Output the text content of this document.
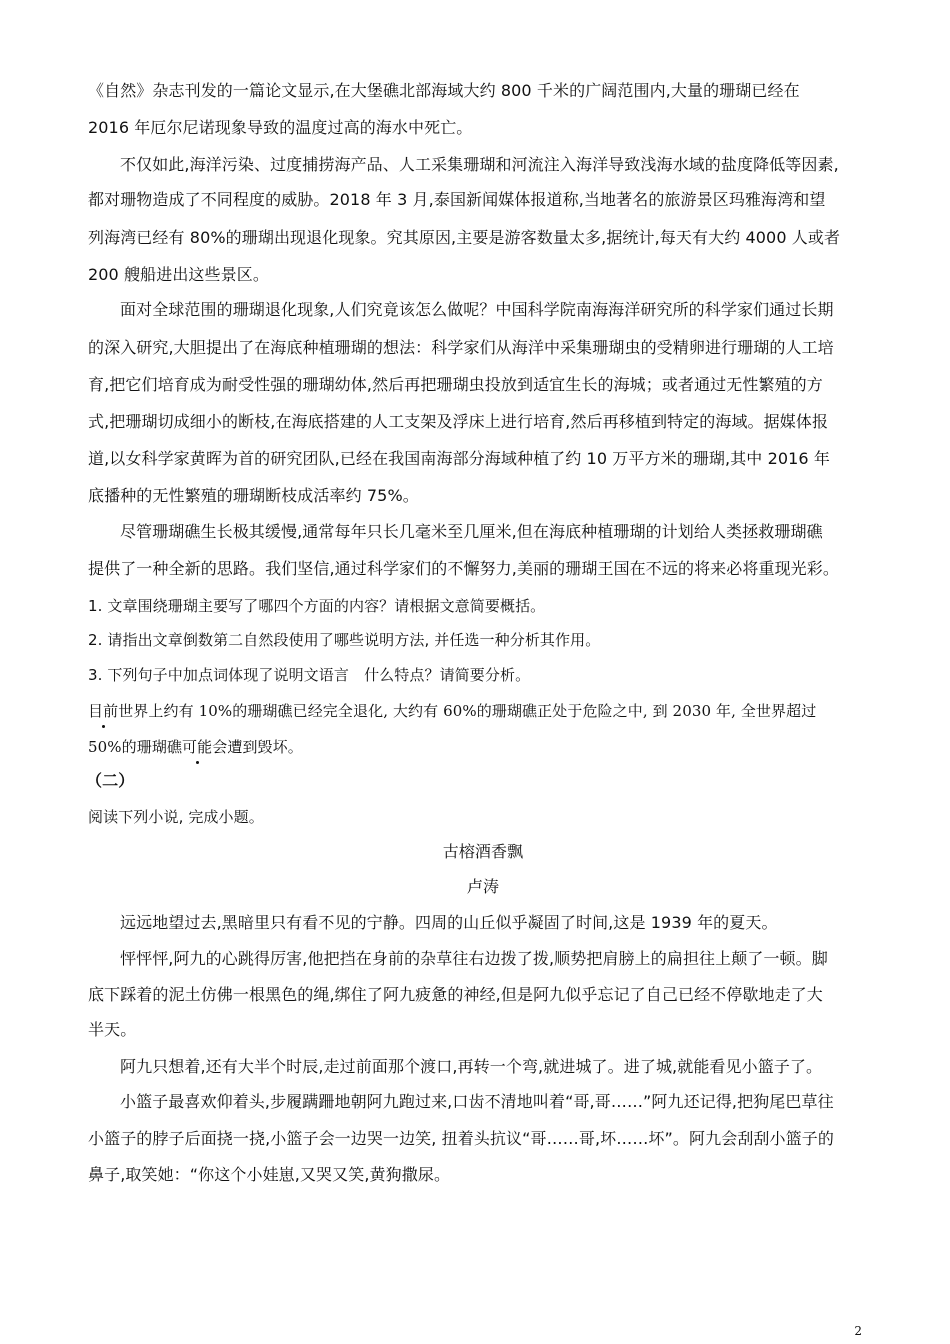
《自然》杂志刊发的一篇论文显示,在大堡礁北部海域大约 800 千米的广阔范围内,大量的珊瑚已经在
2016 年厄尔尼诺现象导致的温度过高的海水中死亡。
不仅如此,海洋污染、过度捕捞海产品、人工采集珊瑚和河流注入海洋导致浅海水域的盐度降低等因素,
都对珊物造成了不同程度的威胁。2018 年 3 月,泰国新闻媒体报道称,当地著名的旅游景区玛雅海湾和望
列海湾已经有 80%的珊瑚出现退化现象。究其原因,主要是游客数量太多,据统计,每天有大约 4000 人或者
200 艘船进出这些景区。
面对全球范围的珊瑚退化现象,人们究竟该怎么做呢？中国科学院南海海洋研究所的科学家们通过长期
的深入研究,大胆提出了在海底种植珊瑚的想法：科学家们从海洋中采集珊瑚虫的受精卵进行珊瑚的人工培
育,把它们培育成为耐受性强的珊瑚幼体,然后再把珊瑚虫投放到适宜生长的海城；或者通过无性繁殖的方
式,把珊瑚切成细小的断枝,在海底搭建的人工支架及浮床上进行培育,然后再移植到特定的海域。据媒体报
道,以女科学家黄晖为首的研究团队,已经在我国南海部分海域种植了约 10 万平方米的珊瑚,其中 2016 年
底播种的无性繁殖的珊瑚断枝成活率约 75%。
尽管珊瑚礁生长极其缓慢,通常每年只长几毫米至几厘米,但在海底种植珊瑚的计划给人类拯救珊瑚礁
提供了一种全新的思路。我们坚信,通过科学家们的不懈努力,美丽的珊瑚王国在不远的将来必将重现光彩。
1. 文章围绕珊瑚主要写了哪四个方面的内容？请根据文意简要概括。
2. 请指出文章倒数第二自然段使用了哪些说明方法, 并任选一种分析其作用。
3. 下列句子中加点词体现了说明文语言　什么特点？请简要分析。
目前世界上约有 10%的珊瑚礁已经完全退化, 大约有 60%的珊瑚礁正处于危险之中, 到 2030 年, 全世界超过
50%的珊瑚礁可能会遭到毁坏。
（二）
阅读下列小说, 完成小题。
古榕酒香飘
卢涛
远远地望过去,黑暗里只有看不见的宁静。四周的山丘似乎凝固了时间,这是 1939 年的夏天。
怦怦怦,阿九的心跳得厉害,他把挡在身前的杂草往右边拨了拨,顺势把肩膀上的扁担往上颠了一顿。脚
底下踩着的泥土仿佛一根黑色的绳,绑住了阿九疲惫的神经,但是阿九似乎忘记了自己已经不停歇地走了大
半天。
阿九只想着,还有大半个时辰,走过前面那个渡口,再转一个弯,就进城了。进了城,就能看见小篮子了。
小篮子最喜欢仰着头,步履蹒跚地朝阿九跑过来,口齿不清地叫着“哥,哥……”阿九还记得,把狗尾巴草往
小篮子的脖子后面挠一挠,小篮子会一边哭一边笑, 扭着头抗议“哥……哥,坏……坏”。阿九会刮刮小篮子的
鼻子,取笑她：“你这个小娃崽,又哭又笑,黄狗撒尿。
2
